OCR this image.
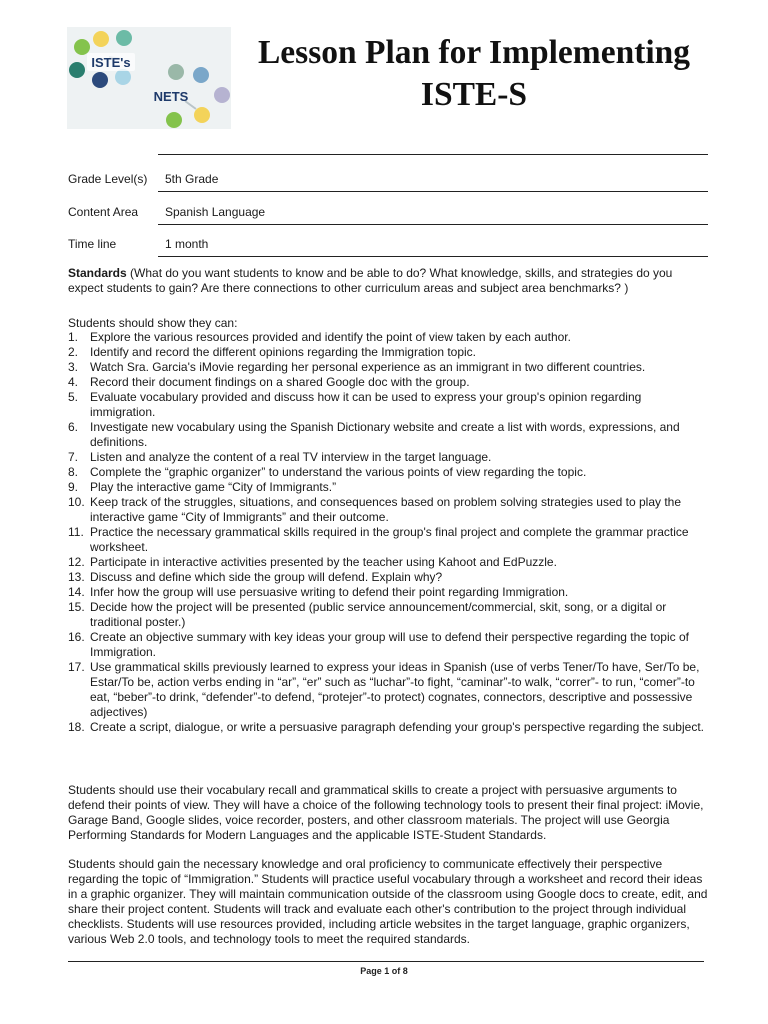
ISTE's
NETS
Lesson Plan for Implementing
ISTE-S
Grade Level(s)	5th Grade
Content Area	Spanish Language
Time line	1 month
Standards (What do you want students to know and be able to do? What knowledge, skills, and strategies do you expect students to gain? Are there connections to other curriculum areas and subject area benchmarks? )
Students should show they can:
1. Explore the various resources provided and identify the point of view taken by each author.
2. Identify and record the different opinions regarding the Immigration topic.
3. Watch Sra. Garcia's iMovie regarding her personal experience as an immigrant in two different countries.
4. Record their document findings on a shared Google doc with the group.
5. Evaluate vocabulary provided and discuss how it can be used to express your group's opinion regarding immigration.
6. Investigate new vocabulary using the Spanish Dictionary website and create a list with words, expressions, and definitions.
7. Listen and analyze the content of a real TV interview in the target language.
8. Complete the “graphic organizer” to understand the various points of view regarding the topic.
9. Play the interactive game “City of Immigrants.”
10. Keep track of the struggles, situations, and consequences based on problem solving strategies used to play the interactive game “City of Immigrants” and their outcome.
11. Practice the necessary grammatical skills required in the group's final project and complete the grammar practice worksheet.
12. Participate in interactive activities presented by the teacher using Kahoot and EdPuzzle.
13. Discuss and define which side the group will defend. Explain why?
14. Infer how the group will use persuasive writing to defend their point regarding Immigration.
15. Decide how the project will be presented (public service announcement/commercial, skit, song, or a digital or traditional poster.)
16. Create an objective summary with key ideas your group will use to defend their perspective regarding the topic of Immigration.
17. Use grammatical skills previously learned to express your ideas in Spanish (use of verbs Tener/To have, Ser/To be, Estar/To be, action verbs ending in “ar”, “er” such as “luchar”-to fight, “caminar”-to walk, “correr”- to run, “comer”-to eat, “beber”-to drink, “defender”-to defend, “protejer”-to protect) cognates, connectors, descriptive and possessive adjectives)
18. Create a script, dialogue, or write a persuasive paragraph defending your group's perspective regarding the subject.
Students should use their vocabulary recall and grammatical skills to create a project with persuasive arguments to defend their points of view. They will have a choice of the following technology tools to present their final project: iMovie, Garage Band, Google slides, voice recorder, posters, and other classroom materials. The project will use Georgia Performing Standards for Modern Languages and the applicable ISTE-Student Standards.
Students should gain the necessary knowledge and oral proficiency to communicate effectively their perspective regarding the topic of “Immigration.” Students will practice useful vocabulary through a worksheet and record their ideas in a graphic organizer. They will maintain communication outside of the classroom using Google docs to create, edit, and share their project content. Students will track and evaluate each other's contribution to the project through individual checklists. Students will use resources provided, including article websites in the target language, graphic organizers, various Web 2.0 tools, and technology tools to meet the required standards.
Page 1 of 8
